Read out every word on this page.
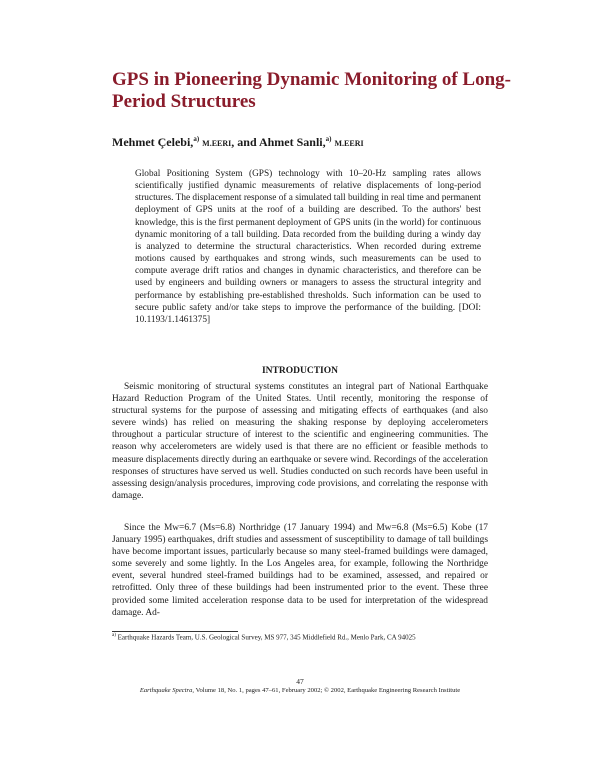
GPS in Pioneering Dynamic Monitoring of Long-Period Structures
Mehmet Çelebi,$^{a)}$ M.EERI, and Ahmet Sanli,$^{a)}$ M.EERI

Global Positioning System (GPS) technology with 10–20-Hz sampling rates allows scientifically justified dynamic measurements of relative displacements of long-period structures. The displacement response of a simulated tall building in real time and permanent deployment of GPS units at the roof of a building are described. To the authors' best knowledge, this is the first permanent deployment of GPS units (in the world) for continuous dynamic monitoring of a tall building. Data recorded from the building during a windy day is analyzed to determine the structural characteristics. When recorded during extreme motions caused by earthquakes and strong winds, such measurements can be used to compute average drift ratios and changes in dynamic characteristics, and therefore can be used by engineers and building owners or managers to assess the structural integrity and performance by establishing pre-established thresholds. Such information can be used to secure public safety and/or take steps to improve the performance of the building. [DOI: 10.1193/1.1461375]

INTRODUCTION

Seismic monitoring of structural systems constitutes an integral part of National Earthquake Hazard Reduction Program of the United States. Until recently, monitoring the response of structural systems for the purpose of assessing and mitigating effects of earthquakes (and also severe winds) has relied on measuring the shaking response by deploying accelerometers throughout a particular structure of interest to the scientific and engineering communities. The reason why accelerometers are widely used is that there are no efficient or feasible methods to measure displacements directly during an earthquake or severe wind. Recordings of the acceleration responses of structures have served us well. Studies conducted on such records have been useful in assessing design/analysis procedures, improving code provisions, and correlating the response with damage.

Since the Mw=6.7 (Ms=6.8) Northridge (17 January 1994) and Mw=6.8 (Ms=6.5) Kobe (17 January 1995) earthquakes, drift studies and assessment of susceptibility to damage of tall buildings have become important issues, particularly because so many steel-framed buildings were damaged, some severely and some lightly. In the Los Angeles area, for example, following the Northridge event, several hundred steel-framed buildings had to be examined, assessed, and repaired or retrofitted. Only three of these buildings had been instrumented prior to the event. These three provided some limited acceleration response data to be used for interpretation of the widespread damage. Ad-

$^{a)}$ Earthquake Hazards Team, U.S. Geological Survey, MS 977, 345 Middlefield Rd., Menlo Park, CA 94025

47

Earthquake Spectra, Volume 18, No. 1, pages 47–61, February 2002; © 2002, Earthquake Engineering Research Institute
